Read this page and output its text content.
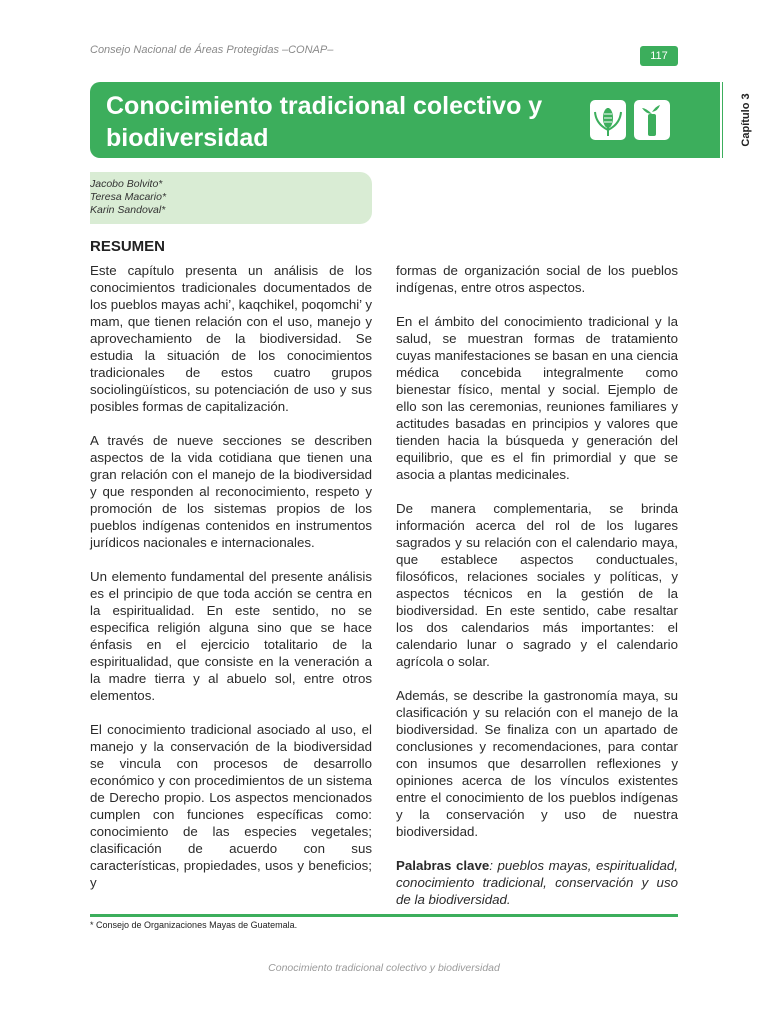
Consejo Nacional de Áreas Protegidas –CONAP–	117
Conocimiento tradicional colectivo y biodiversidad	Capítulo 3
Jacobo Bolvito*
Teresa Macario*
Karin Sandoval*
RESUMEN

Este capítulo presenta un análisis de los conocimientos tradicionales documentados de los pueblos mayas achi’, kaqchikel, poqomchi’ y mam, que tienen relación con el uso, manejo y aprovechamiento de la biodiversidad. Se estudia la situación de los conocimientos tradicionales de estos cuatro grupos sociolingüísticos, su potenciación de uso y sus posibles formas de capitalización.

A través de nueve secciones se describen aspectos de la vida cotidiana que tienen una gran relación con el manejo de la biodiversidad y que responden al reconocimiento, respeto y promoción de los sistemas propios de los pueblos indígenas contenidos en instrumentos jurídicos nacionales e internacionales.

Un elemento fundamental del presente análisis es el principio de que toda acción se centra en la espiritualidad. En este sentido, no se especifica religión alguna sino que se hace énfasis en el ejercicio totalitario de la espiritualidad, que consiste en la veneración a la madre tierra y al abuelo sol, entre otros elementos.

El conocimiento tradicional asociado al uso, el manejo y la conservación de la biodiversidad se vincula con procesos de desarrollo económico y con procedimientos de un sistema de Derecho propio. Los aspectos mencionados cumplen con funciones específicas como: conocimiento de las especies vegetales; clasificación de acuerdo con sus características, propiedades, usos y beneficios; y

formas de organización social de los pueblos indígenas, entre otros aspectos.

En el ámbito del conocimiento tradicional y la salud, se muestran formas de tratamiento cuyas manifestaciones se basan en una ciencia médica concebida integralmente como bienestar físico, mental y social. Ejemplo de ello son las ceremonias, reuniones familiares y actitudes basadas en principios y valores que tienden hacia la búsqueda y generación del equilibrio, que es el fin primordial y que se asocia a plantas medicinales.

De manera complementaria, se brinda información acerca del rol de los lugares sagrados y su relación con el calendario maya, que establece aspectos conductuales, filosóficos, relaciones sociales y políticas, y aspectos técnicos en la gestión de la biodiversidad. En este sentido, cabe resaltar los dos calendarios más importantes: el calendario lunar o sagrado y el calendario agrícola o solar.

Además, se describe la gastronomía maya, su clasificación y su relación con el manejo de la biodiversidad. Se finaliza con un apartado de conclusiones y recomendaciones, para contar con insumos que desarrollen reflexiones y opiniones acerca de los vínculos existentes entre el conocimiento de los pueblos indígenas y la conservación y uso de nuestra biodiversidad.

Palabras clave: pueblos mayas, espiritualidad, conocimiento tradicional, conservación y uso de la biodiversidad.

* Consejo de Organizaciones Mayas de Guatemala.
Conocimiento tradicional colectivo y biodiversidad
